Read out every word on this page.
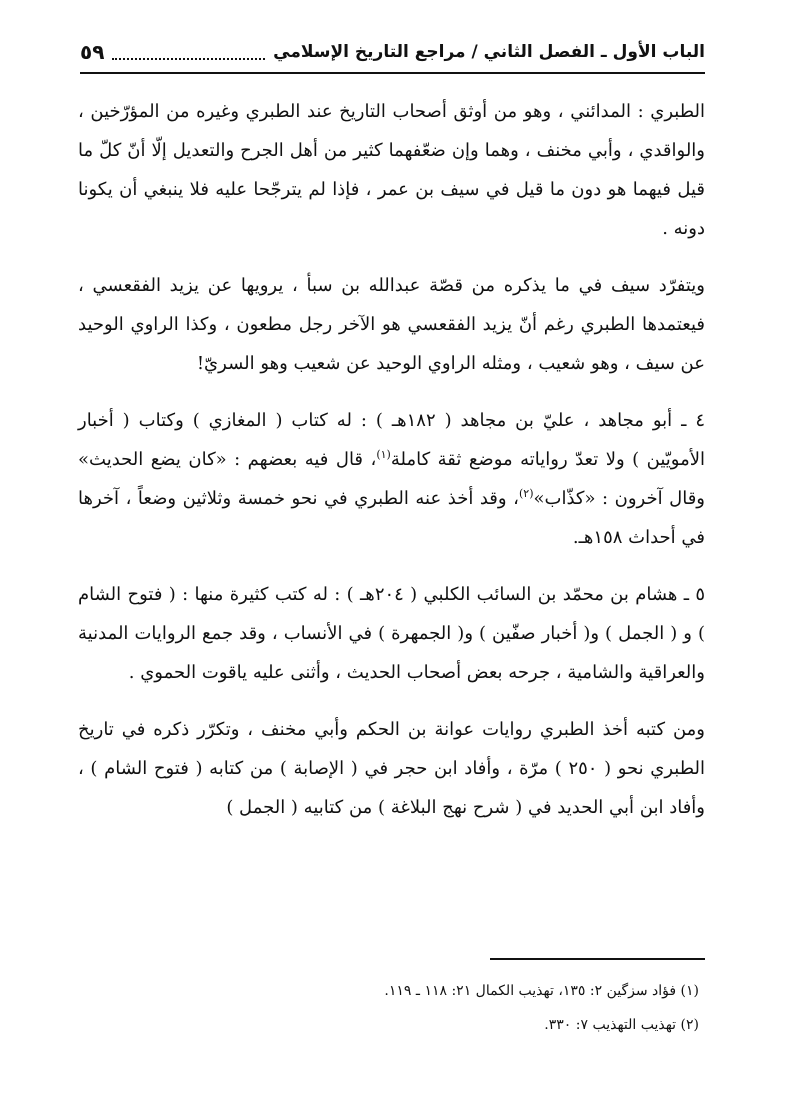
الباب الأول ـ الفصل الثاني / مراجع التاريخ الإسلامي
٥٩

الطبري : المدائني ، وهو من أوثق أصحاب التاريخ عند الطبري وغيره من المؤرّخين ، والواقدي ، وأبي مخنف ، وهما وإن ضعّفهما كثير من أهل الجرح والتعديل إلّا أنّ كلّ ما قيل فيهما هو دون ما قيل في سيف بن عمر ، فإذا لم يترجّحا عليه فلا ينبغي أن يكونا دونه .

ويتفرّد سيف في ما يذكره من قصّة عبدالله بن سبأ ، يرويها عن يزيد الفقعسي ، فيعتمدها الطبري رغم أنّ يزيد الفقعسي هو الآخر رجل مطعون ، وكذا الراوي الوحيد عن سيف ، وهو شعيب ، ومثله الراوي الوحيد عن شعيب وهو السريّ!

٤ ـ أبو مجاهد ، عليّ بن مجاهد ( ١٨٢هـ ) : له كتاب ( المغازي ) وكتاب ( أخبار الأمويّين ) ولا تعدّ رواياته موضع ثقة كاملة$^{(١)}$، قال فيه بعضهم : «كان يضع الحديث» وقال آخرون : «كذّاب»$^{(٢)}$، وقد أخذ عنه الطبري في نحو خمسة وثلاثين وضعاً ، آخرها في أحداث ١٥٨هـ.

٥ ـ هشام بن محمّد بن السائب الكلبي ( ٢٠٤هـ ) : له كتب كثيرة منها : ( فتوح الشام ) و ( الجمل ) و( أخبار صفّين ) و( الجمهرة ) في الأنساب ، وقد جمع الروايات المدنية والعراقية والشامية ، جرحه بعض أصحاب الحديث ، وأثنى عليه ياقوت الحموي .

ومن كتبه أخذ الطبري روايات عوانة بن الحكم وأبي مخنف ، وتكرّر ذكره في تاريخ الطبري نحو ( ٢٥٠ ) مرّة ، وأفاد ابن حجر في ( الإصابة ) من كتابه ( فتوح الشام ) ، وأفاد ابن أبي الحديد في ( شرح نهج البلاغة ) من كتابيه ( الجمل )

(١) فؤاد سزگين ٢: ١٣٥، تهذيب الكمال ٢١: ١١٨ ـ ١١٩.

(٢) تهذيب التهذيب ٧: ٣٣٠.
